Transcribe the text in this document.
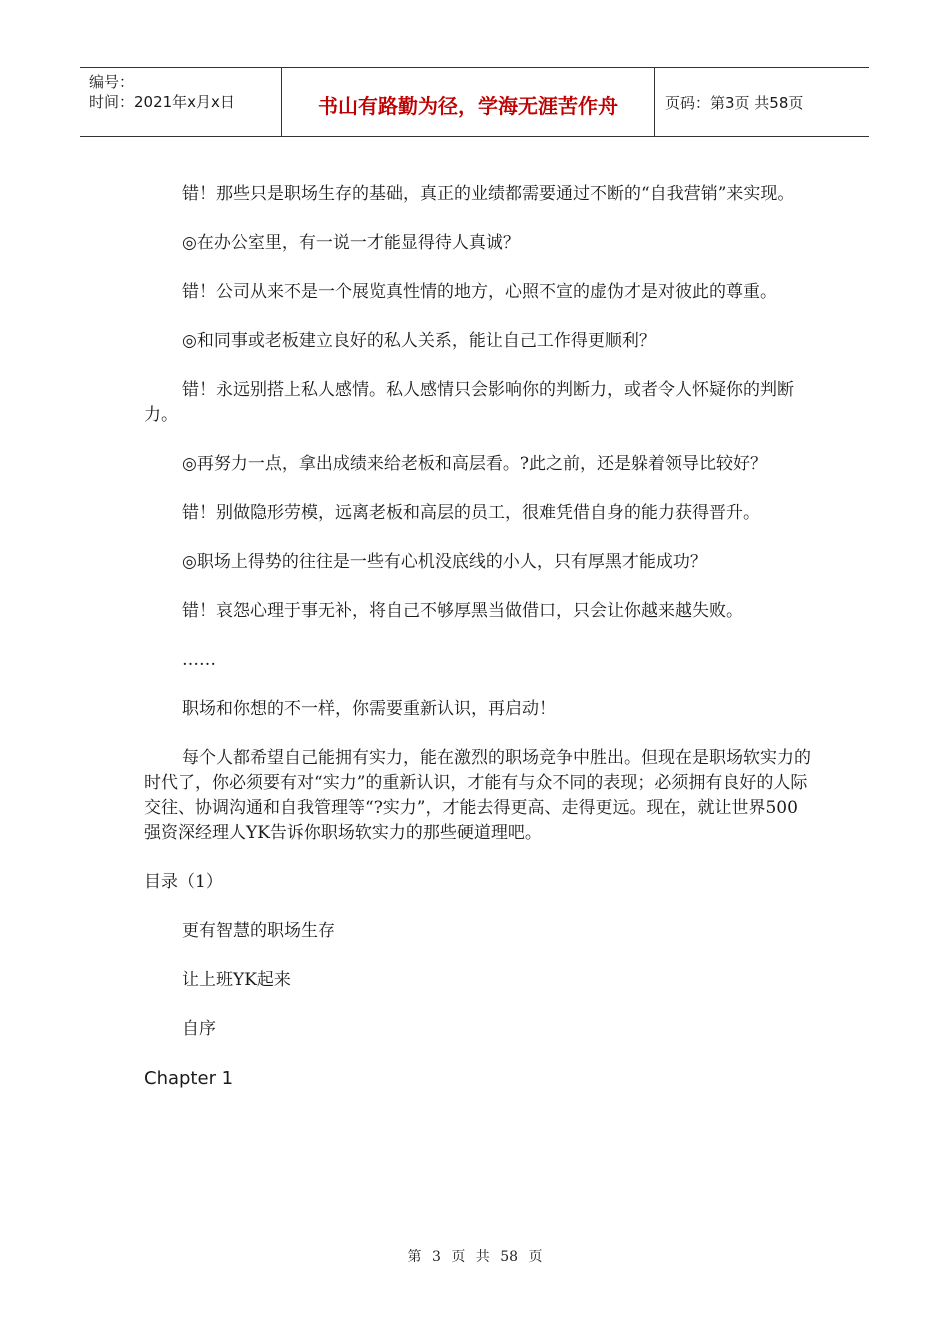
编号：
时间：2021年x月x日	书山有路勤为径，学海无涯苦作舟	页码：第3页 共58页

错！那些只是职场生存的基础，真正的业绩都需要通过不断的“自我营销”来实现。

◎在办公室里，有一说一才能显得待人真诚？

错！公司从来不是一个展览真性情的地方，心照不宣的虚伪才是对彼此的尊重。

◎和同事或老板建立良好的私人关系，能让自己工作得更顺利？

错！永远别搭上私人感情。私人感情只会影响你的判断力，或者令人怀疑你的判断力。

◎再努力一点，拿出成绩来给老板和高层看。?此之前，还是躲着领导比较好？

错！别做隐形劳模，远离老板和高层的员工，很难凭借自身的能力获得晋升。

◎职场上得势的往往是一些有心机没底线的小人，只有厚黑才能成功？

错！哀怨心理于事无补，将自己不够厚黑当做借口，只会让你越来越失败。

……

职场和你想的不一样，你需要重新认识，再启动！

每个人都希望自己能拥有实力，能在激烈的职场竞争中胜出。但现在是职场软实力的时代了，你必须要有对“实力”的重新认识，才能有与众不同的表现；必须拥有良好的人际交往、协调沟通和自我管理等“?实力”，才能去得更高、走得更远。现在，就让世界500强资深经理人YK告诉你职场软实力的那些硬道理吧。

目录（1）

更有智慧的职场生存

让上班YK起来

自序

Chapter 1

第 3 页 共 58 页
